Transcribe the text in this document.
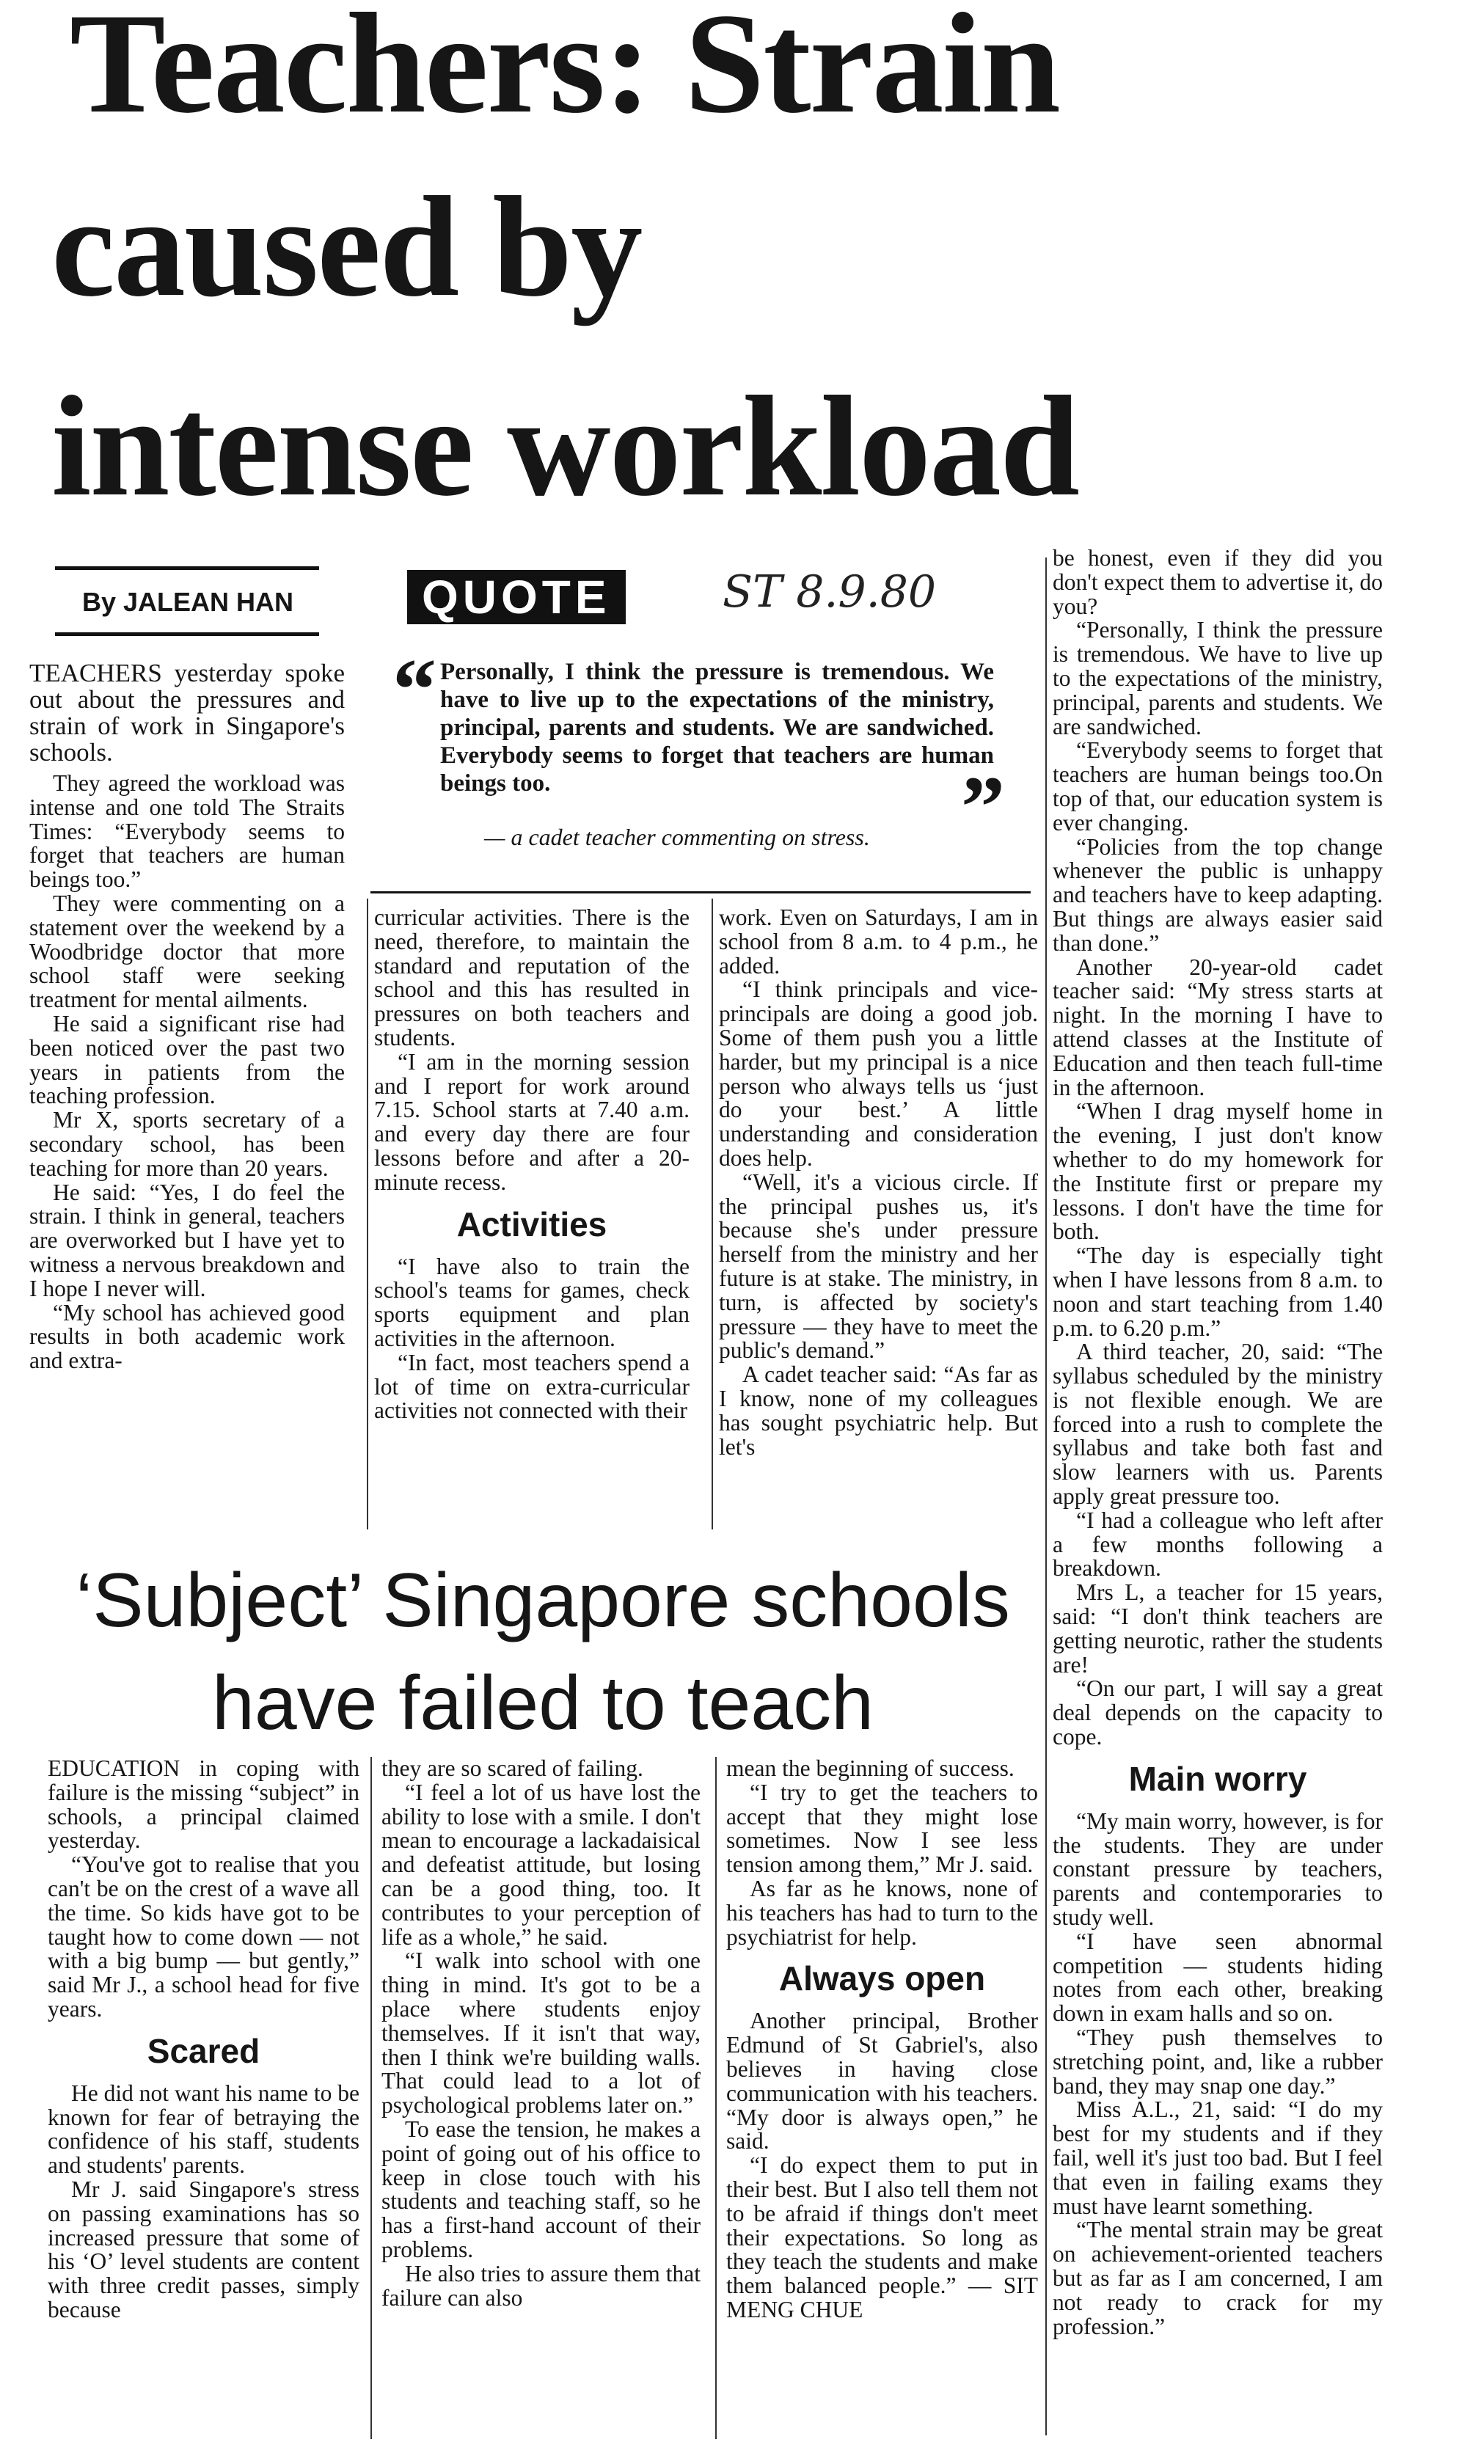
Teachers: Strain
caused by
intense workload
By JALEAN HAN	QUOTE	ST 8.9.80
“ Personally, I think the pressure is tremendous. We have to live up to the expectations of the ministry, principal, parents and students. We are sandwiched. Everybody seems to forget that teachers are human beings too.	”
— a cadet teacher commenting on stress.

TEACHERS yesterday spoke out about the pressures and strain of work in Singapore's schools.

They agreed the workload was intense and one told The Straits Times: “Everybody seems to forget that teachers are human beings too.”

They were commenting on a statement over the weekend by a Woodbridge doctor that more school staff were seeking treatment for mental ailments.

He said a significant rise had been noticed over the past two years in patients from the teaching profession.

Mr X, sports secretary of a secondary school, has been teaching for more than 20 years.

He said: “Yes, I do feel the strain. I think in general, teachers are overworked but I have yet to witness a nervous breakdown and I hope I never will.

“My school has achieved good results in both academic work and extra-

curricular activities. There is the need, therefore, to maintain the standard and reputation of the school and this has resulted in pressures on both teachers and students.

“I am in the morning session and I report for work around 7.15. School starts at 7.40 a.m. and every day there are four lessons before and after a 20-minute recess.

Activities

“I have also to train the school's teams for games, check sports equipment and plan activities in the afternoon.

“In fact, most teachers spend a lot of time on extra-curricular activities not connected with their

work. Even on Saturdays, I am in school from 8 a.m. to 4 p.m., he added.

“I think principals and vice-principals are doing a good job. Some of them push you a little harder, but my principal is a nice person who always tells us ‘just do your best.’ A little understanding and consideration does help.

“Well, it's a vicious circle. If the principal pushes us, it's because she's under pressure herself from the ministry and her future is at stake. The ministry, in turn, is affected by society's pressure — they have to meet the public's demand.”

A cadet teacher said: “As far as I know, none of my colleagues has sought psychiatric help. But let's

be honest, even if they did you don't expect them to advertise it, do you?

“Personally, I think the pressure is tremendous. We have to live up to the expectations of the ministry, principal, parents and students. We are sandwiched.

“Everybody seems to forget that teachers are human beings too.On top of that, our education system is ever changing.

“Policies from the top change whenever the public is unhappy and teachers have to keep adapting. But things are always easier said than done.”

Another 20-year-old cadet teacher said: “My stress starts at night. In the morning I have to attend classes at the Institute of Education and then teach full-time in the afternoon.

“When I drag myself home in the evening, I just don't know whether to do my homework for the Institute first or prepare my lessons. I don't have the time for both.

“The day is especially tight when I have lessons from 8 a.m. to noon and start teaching from 1.40 p.m. to 6.20 p.m.”

A third teacher, 20, said: “The syllabus scheduled by the ministry is not flexible enough. We are forced into a rush to complete the syllabus and take both fast and slow learners with us. Parents apply great pressure too.

“I had a colleague who left after a few months following a breakdown.

Mrs L, a teacher for 15 years, said: “I don't think teachers are getting neurotic, rather the students are!

“On our part, I will say a great deal depends on the capacity to cope.

Main worry

“My main worry, however, is for the students. They are under constant pressure by teachers, parents and contemporaries to study well.

“I have seen abnormal competition — students hiding notes from each other, breaking down in exam halls and so on.

“They push themselves to stretching point, and, like a rubber band, they may snap one day.”

Miss A.L., 21, said: “I do my best for my students and if they fail, well it's just too bad. But I feel that even in failing exams they must have learnt something.

“The mental strain may be great on achievement-oriented teachers but as far as I am concerned, I am not ready to crack for my profession.”

‘Subject’ Singapore schools
have failed to teach

EDUCATION in coping with failure is the missing “subject” in schools, a principal claimed yesterday.

“You've got to realise that you can't be on the crest of a wave all the time. So kids have got to be taught how to come down — not with a big bump — but gently,” said Mr J., a school head for five years.

Scared

He did not want his name to be known for fear of betraying the confidence of his staff, students and students' parents.

Mr J. said Singapore's stress on passing examinations has so increased pressure that some of his ‘O’ level students are content with three credit passes, simply because

they are so scared of failing.

“I feel a lot of us have lost the ability to lose with a smile. I don't mean to encourage a lackadaisical and defeatist attitude, but losing can be a good thing, too. It contributes to your perception of life as a whole,” he said.

“I walk into school with one thing in mind. It's got to be a place where students enjoy themselves. If it isn't that way, then I think we're building walls. That could lead to a lot of psychological problems later on.”

To ease the tension, he makes a point of going out of his office to keep in close touch with his students and teaching staff, so he has a first-hand account of their problems.

He also tries to assure them that failure can also

mean the beginning of success.

“I try to get the teachers to accept that they might lose sometimes. Now I see less tension among them,” Mr J. said.

As far as he knows, none of his teachers has had to turn to the psychiatrist for help.

Always open

Another principal, Brother Edmund of St Gabriel's, also believes in having close communication with his teachers. “My door is always open,” he said.

“I do expect them to put in their best. But I also tell them not to be afraid if things don't meet their expectations. So long as they teach the students and make them balanced people.” — SIT MENG CHUE
